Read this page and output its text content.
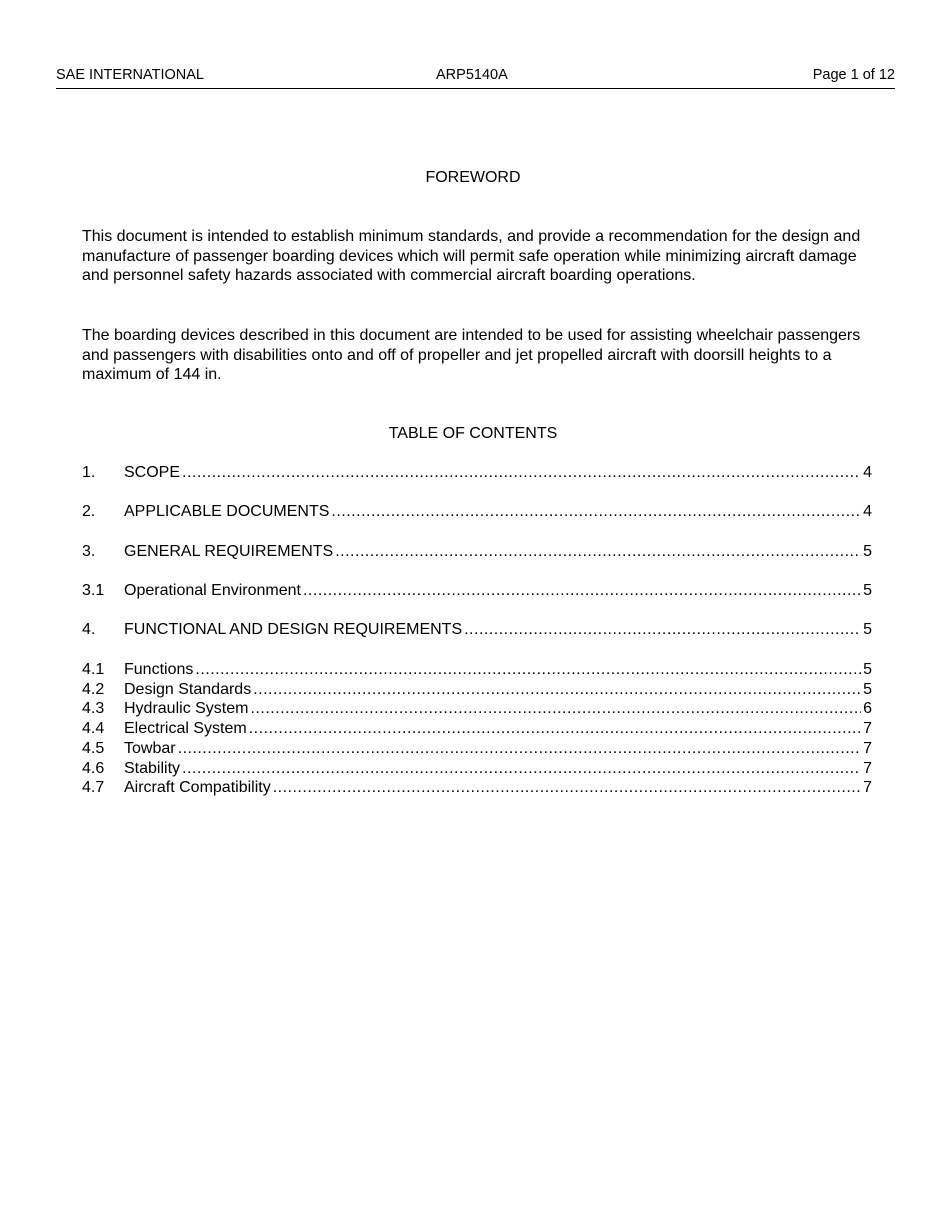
SAE INTERNATIONAL	ARP5140A	Page 1 of 12
FOREWORD

This document is intended to establish minimum standards, and provide a recommendation for the design and manufacture of passenger boarding devices which will permit safe operation while minimizing aircraft damage and personnel safety hazards associated with commercial aircraft boarding operations.

The boarding devices described in this document are intended to be used for assisting wheelchair passengers and passengers with disabilities onto and off of propeller and jet propelled aircraft with doorsill heights to a maximum of 144 in.

TABLE OF CONTENTS
1. SCOPE .....	4
2. APPLICABLE DOCUMENTS .....	4
3. GENERAL REQUIREMENTS .....	5
3.1 Operational Environment .....	5
4. FUNCTIONAL AND DESIGN REQUIREMENTS .....	5
4.1 Functions .....	5
4.2 Design Standards .....	5
4.3 Hydraulic System .....	6
4.4 Electrical System .....	7
4.5 Towbar .....	7
4.6 Stability .....	7
4.7 Aircraft Compatibility .....	7
